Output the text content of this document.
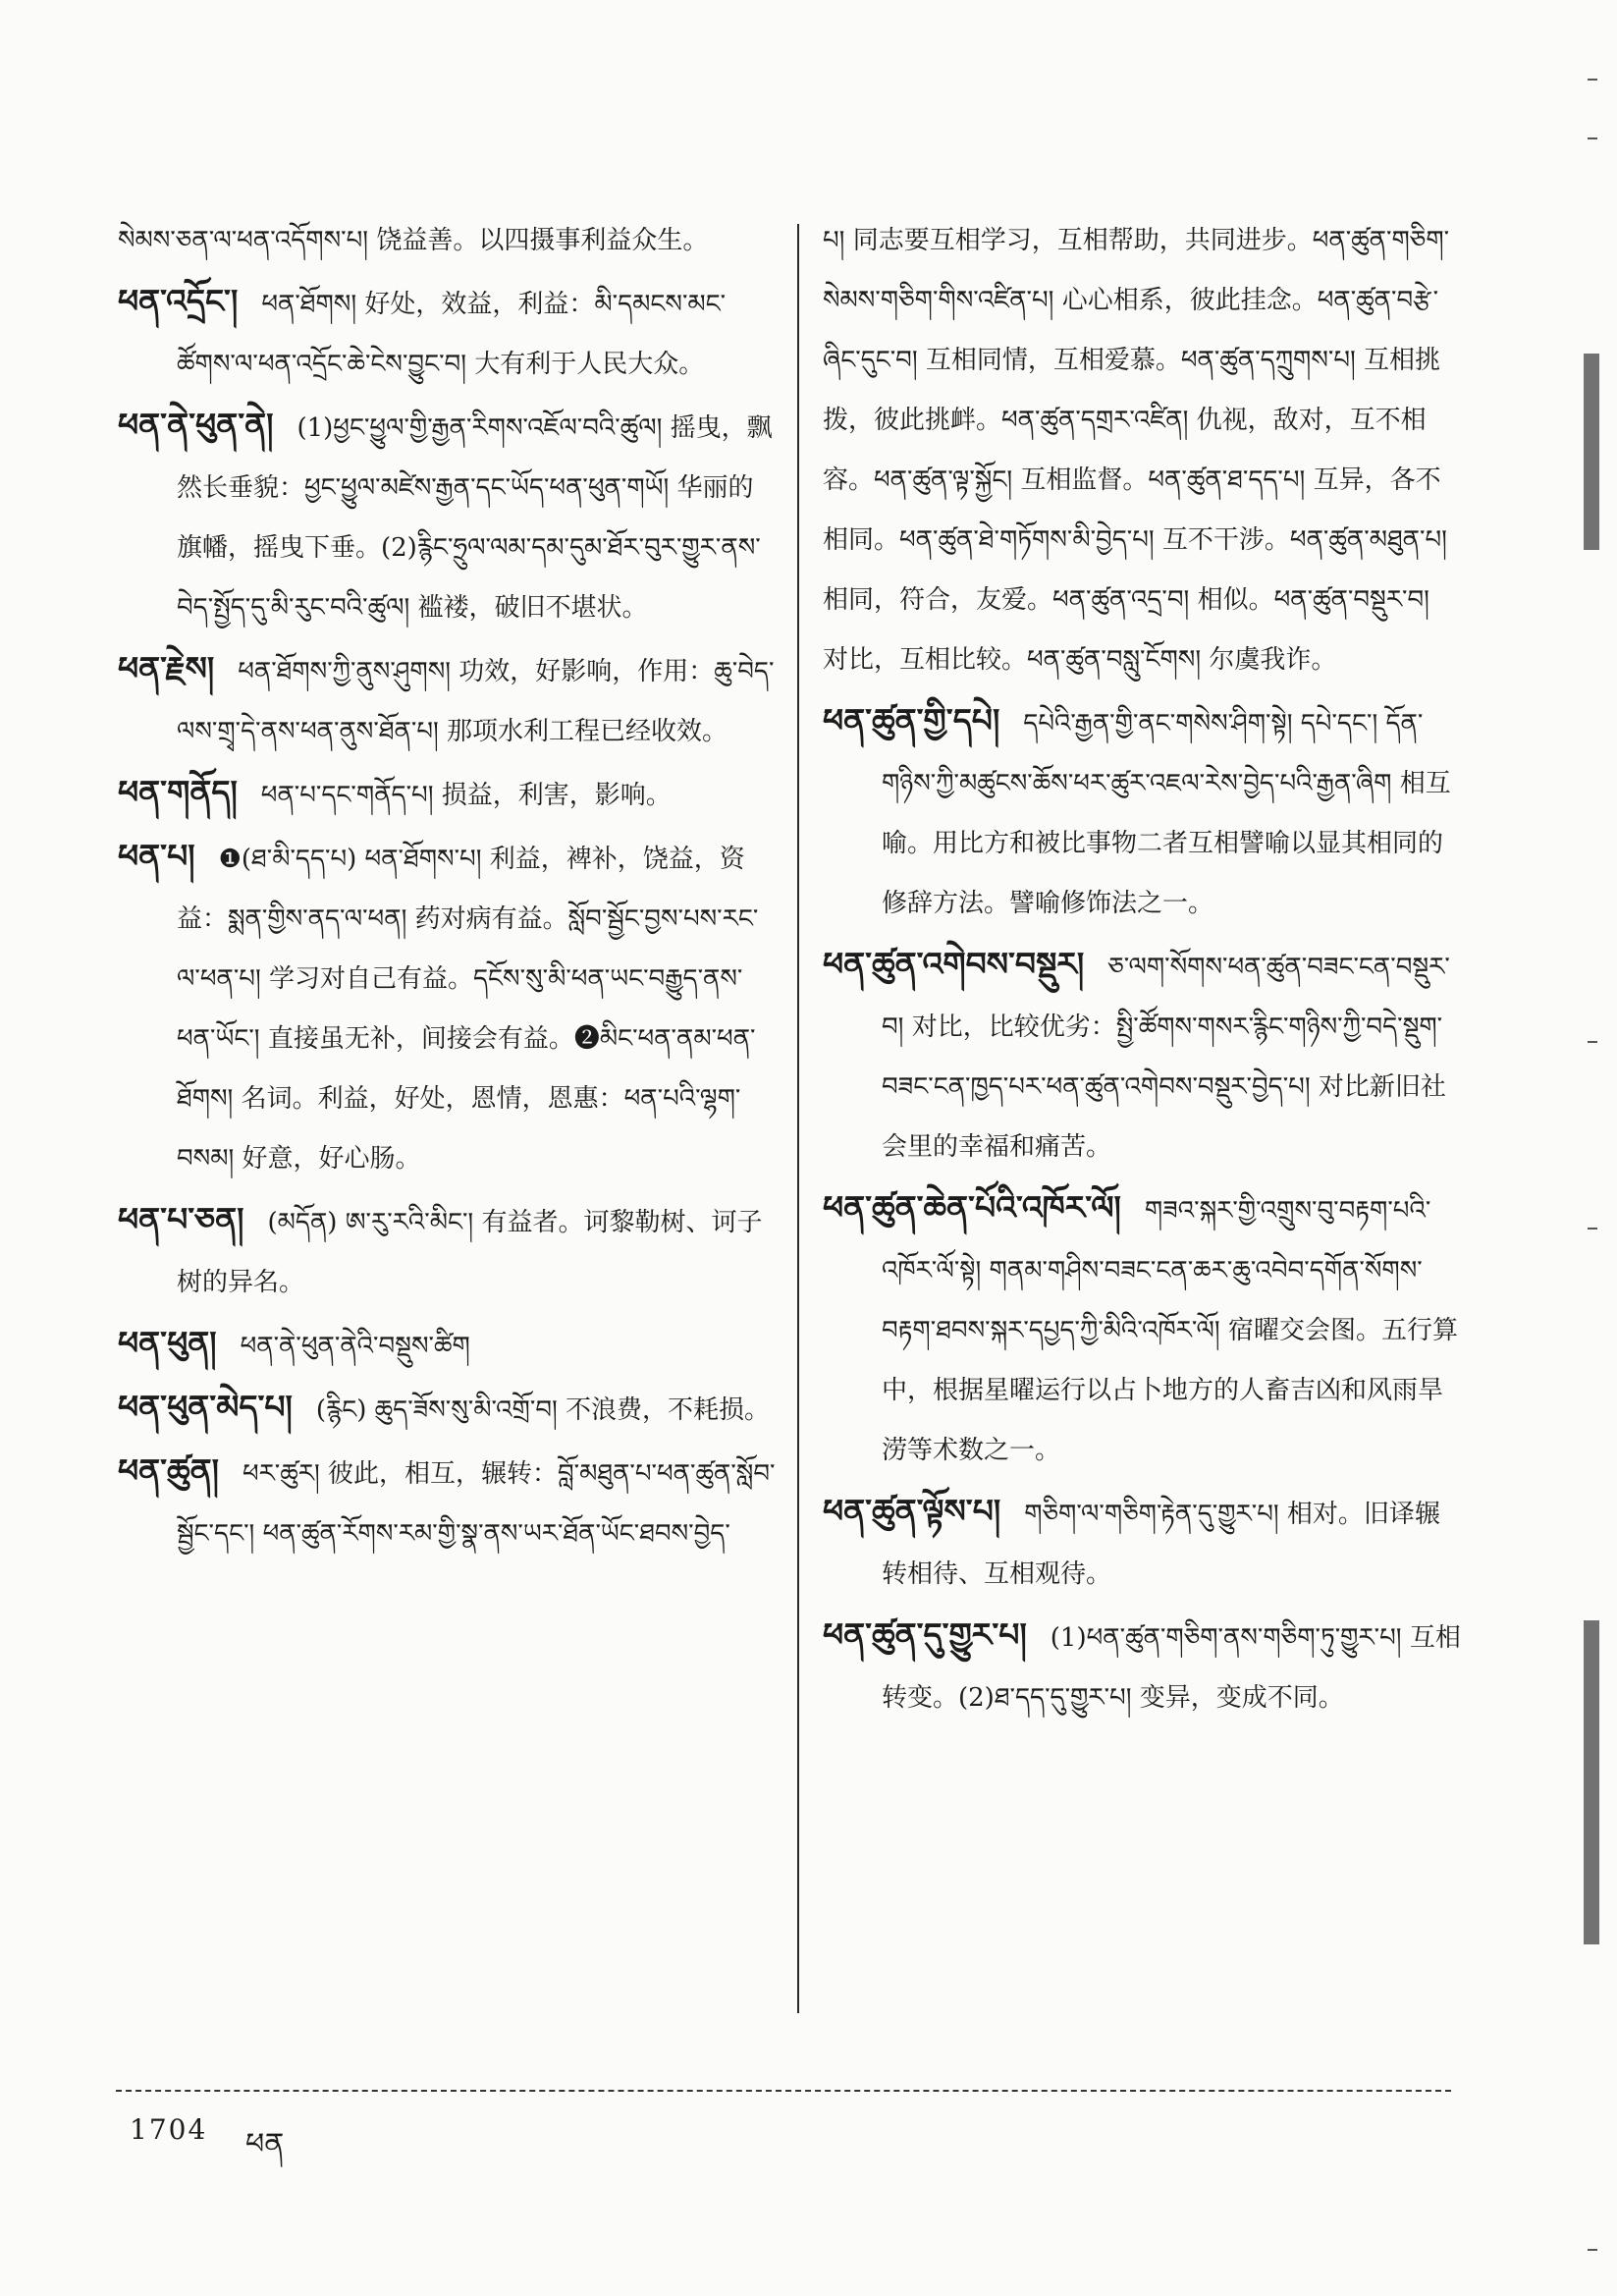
སེམས་ཅན་ལ་ཕན་འདོགས་པ། 饶益善。以四摄事利益众生。
ཕན་འདྲོང་། ཕན་ཐོགས། 好处，效益，利益：མི་དམངས་མང་ཚོགས་ལ་ཕན་འདྲོང་ཆེ་ངེས་བྱུང་བ། 大有利于人民大众。
ཕན་ནེ་ཕུན་ནེ། (1)ཕྱང་ཕྱུལ་གྱི་རྒྱན་རིགས་འཇོལ་བའི་ཚུལ། 摇曳，飘然长垂貌：ཕྱང་ཕྱུལ་མཛེས་རྒྱན་དང་ཡོད་ཕན་ཕུན་གཡོ། 华丽的旗幡，摇曳下垂。(2)རྙིང་ཧྲུལ་ལམ་དམ་དུམ་ཐོར་བུར་གྱུར་ནས་བེད་སྤྱོད་དུ་མི་རུང་བའི་ཚུལ། 褴褛，破旧不堪状。
ཕན་རྗེས། ཕན་ཐོགས་ཀྱི་ནུས་ཤུགས། 功效，好影响，作用：ཆུ་བེད་ལས་གྲྭ་དེ་ནས་ཕན་ནུས་ཐོན་པ། 那项水利工程已经收效。
ཕན་གནོད། ཕན་པ་དང་གནོད་པ། 损益，利害，影响。
ཕན་པ། ❶(ཐ་མི་དད་པ) ཕན་ཐོགས་པ། 利益，裨补，饶益，资益：སྨན་གྱིས་ནད་ལ་ཕན། 药对病有益。སློབ་སྦྱོང་བྱས་པས་རང་ལ་ཕན་པ། 学习对自己有益。དངོས་སུ་མི་ཕན་ཡང་བརྒྱུད་ནས་ཕན་ཡོང་། 直接虽无补，间接会有益。❷མིང་ཕན་ནམ་ཕན་ཐོགས། 名词。利益，好处，恩情，恩惠：ཕན་པའི་ལྷག་བསམ། 好意，好心肠。
ཕན་པ་ཅན། (མདོན) ཨ་རུ་རའི་མིང་། 有益者。诃黎勒树、诃子树的异名。
ཕན་ཕུན། ཕན་ནེ་ཕུན་ནེའི་བསྡུས་ཚིག
ཕན་ཕུན་མེད་པ། (རྙིང) ཆུད་ཟོས་སུ་མི་འགྲོ་བ། 不浪费，不耗损。
ཕན་ཚུན། ཕར་ཚུར། 彼此，相互，辗转：བློ་མཐུན་པ་ཕན་ཚུན་སློབ་སྦྱོང་དང་། ཕན་ཚུན་རོགས་རམ་གྱི་སྣ་ནས་ཡར་ཐོན་ཡོང་ཐབས་བྱེད་
པ། 同志要互相学习，互相帮助，共同进步。ཕན་ཚུན་གཅིག་སེམས་གཅིག་གིས་འཛིན་པ། 心心相系，彼此挂念。ཕན་ཚུན་བརྩེ་ཞིང་དུང་བ། 互相同情，互相爱慕。ཕན་ཚུན་དཀྲུགས་པ། 互相挑拨，彼此挑衅。ཕན་ཚུན་དགྲར་འཛིན། 仇视，敌对，互不相容。ཕན་ཚུན་ལྟ་སྐྱོང། 互相监督。ཕན་ཚུན་ཐ་དད་པ། 互异，各不相同。ཕན་ཚུན་ཐེ་གཏོགས་མི་བྱེད་པ། 互不干涉。ཕན་ཚུན་མཐུན་པ། 相同，符合，友爱。ཕན་ཚུན་འདྲ་བ། 相似。ཕན་ཚུན་བསྡུར་བ། 对比，互相比较。ཕན་ཚུན་བསླུ་ངོགས། 尔虞我诈。
ཕན་ཚུན་གྱི་དཔེ། དཔེའི་རྒྱན་གྱི་ནང་གསེས་ཤིག་སྟེ། དཔེ་དང་། དོན་གཉིས་ཀྱི་མཚུངས་ཆོས་ཕར་ཚུར་འཇལ་རེས་བྱེད་པའི་རྒྱན་ཞིག 相互喻。用比方和被比事物二者互相譬喻以显其相同的修辞方法。譬喻修饰法之一。
ཕན་ཚུན་འགེབས་བསྡུར། ཅ་ལག་སོགས་ཕན་ཚུན་བཟང་ངན་བསྡུར་བ། 对比，比较优劣：སྤྱི་ཚོགས་གསར་རྙིང་གཉིས་ཀྱི་བདེ་སྡུག་བཟང་ངན་ཁྱད་པར་ཕན་ཚུན་འགེབས་བསྡུར་བྱེད་པ། 对比新旧社会里的幸福和痛苦。
ཕན་ཚུན་ཆེན་པོའི་འཁོར་ལོ། གཟའ་སྐར་གྱི་འགྲུས་བུ་བརྟག་པའི་འཁོར་ལོ་སྟེ། གནམ་གཤིས་བཟང་ངན་ཆར་ཆུ་འབེབ་དགོན་སོགས་བརྟག་ཐབས་སྐར་དཔྱད་ཀྱི་མིའི་འཁོར་ལོ། 宿曜交会图。五行算中，根据星曜运行以占卜地方的人畜吉凶和风雨旱涝等术数之一。
ཕན་ཚུན་ལྟོས་པ། གཅིག་ལ་གཅིག་རྟེན་དུ་གྱུར་པ། 相对。旧译辗转相待、互相观待。
ཕན་ཚུན་དུ་གྱུར་པ། (1)ཕན་ཚུན་གཅིག་ནས་གཅིག་ཏུ་གྱུར་པ། 互相转变。(2)ཐ་དད་དུ་གྱུར་པ། 变异，变成不同。
1704 ཕན
